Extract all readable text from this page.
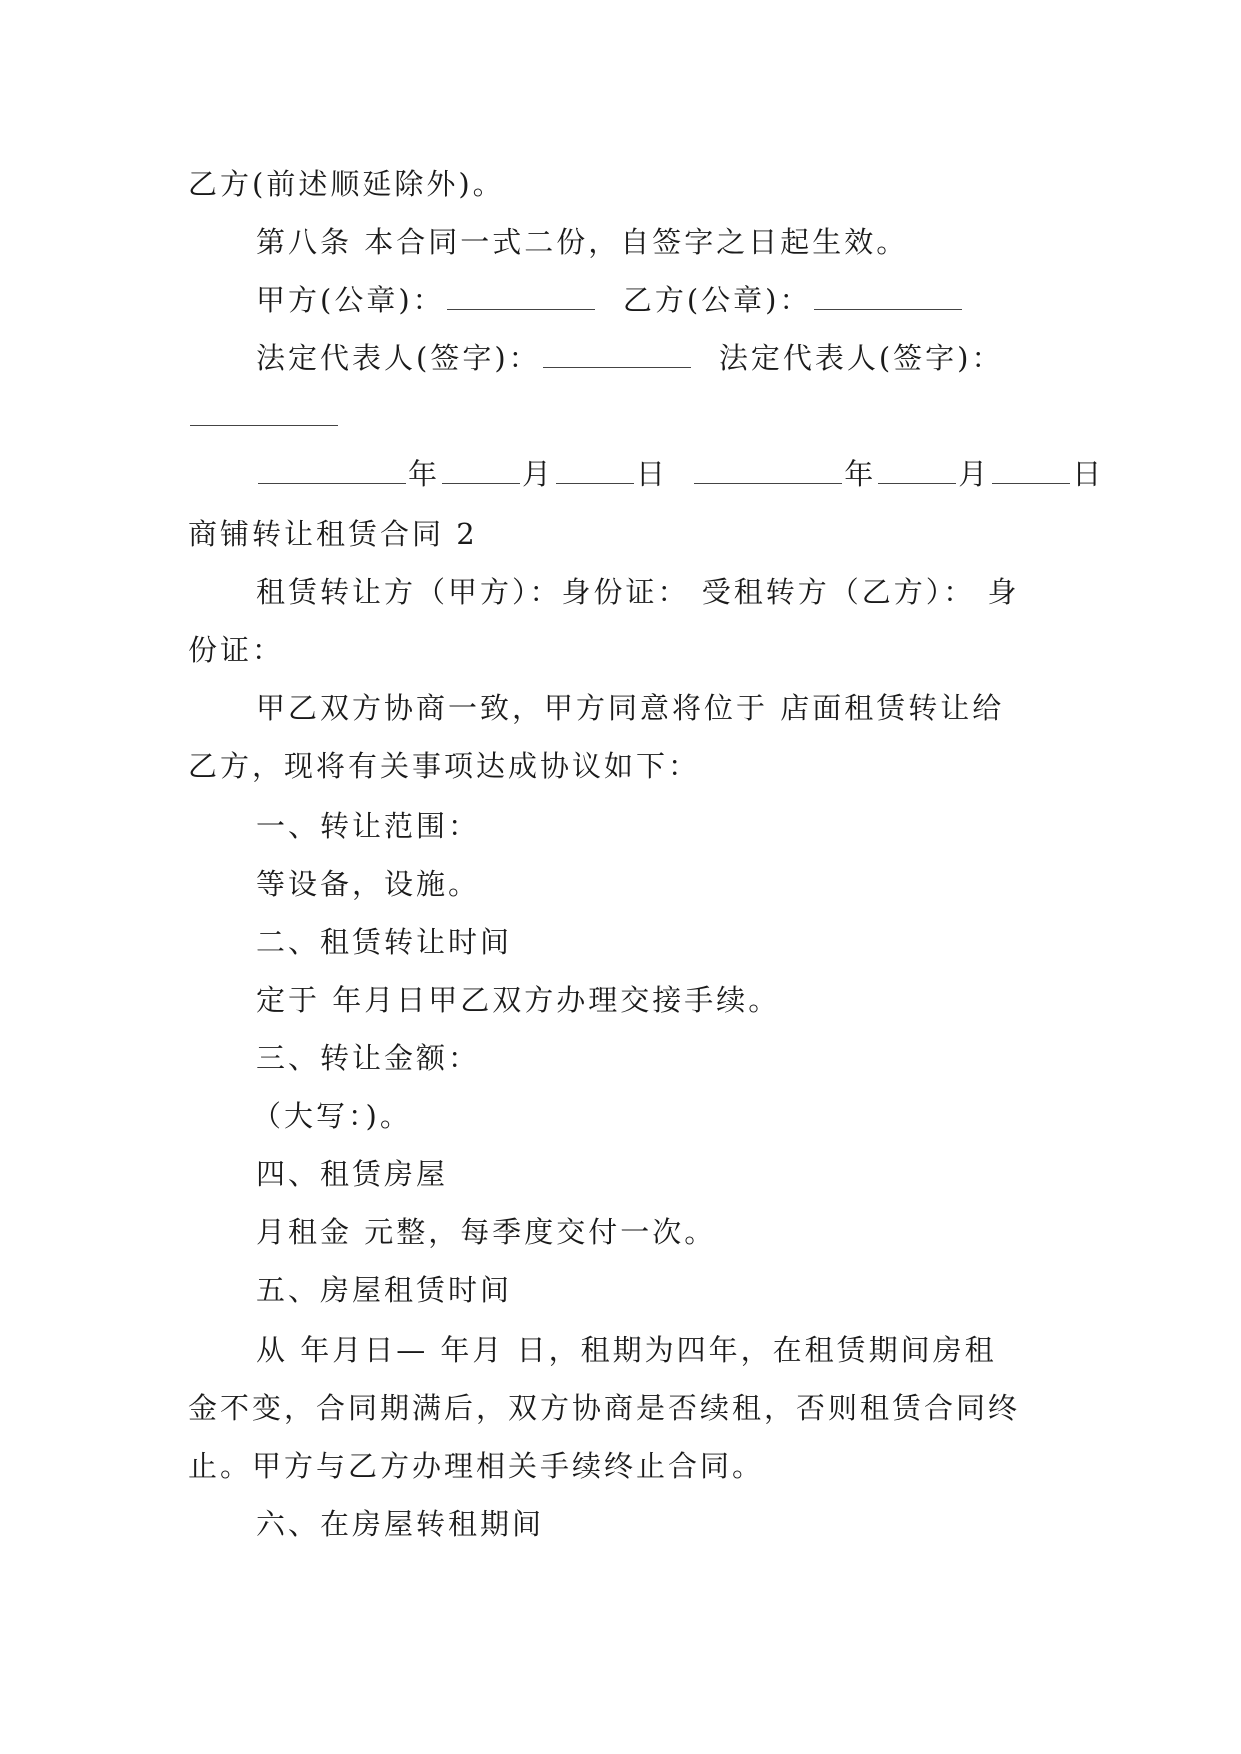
乙方(前述顺延除外)。
第八条 本合同一式二份，自签字之日起生效。
甲方(公章)：	乙方(公章)：
法定代表人(签字)：	法定代表人(签字)：
年	月	日	年	月	日
商铺转让租赁合同 2
租赁转让方（甲方）：身份证： 受租转方（乙方）： 身
份证：
甲乙双方协商一致，甲方同意将位于 店面租赁转让给
乙方，现将有关事项达成协议如下：
一、转让范围：
等设备，设施。
二、租赁转让时间
定于 年月日甲乙双方办理交接手续。
三、转让金额：
（大写：)。
四、租赁房屋
月租金 元整，每季度交付一次。
五、房屋租赁时间
从 年月日— 年月 日，租期为四年，在租赁期间房租
金不变，合同期满后，双方协商是否续租，否则租赁合同终
止。甲方与乙方办理相关手续终止合同。
六、在房屋转租期间
